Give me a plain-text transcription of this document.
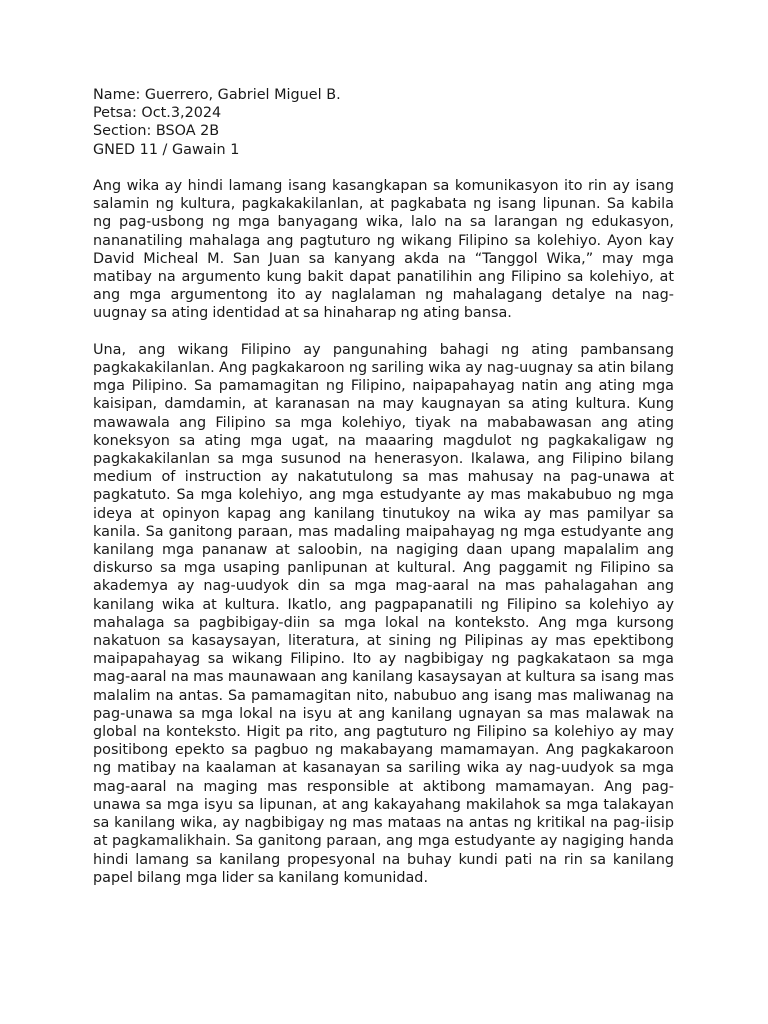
Name: Guerrero, Gabriel Miguel B.
Petsa: Oct.3,2024
Section: BSOA 2B
GNED 11 / Gawain 1

Ang wika ay hindi lamang isang kasangkapan sa komunikasyon ito rin ay isang salamin ng kultura, pagkakakilanlan, at pagkabata ng isang lipunan. Sa kabila ng pag-usbong ng mga banyagang wika, lalo na sa larangan ng edukasyon, nananatiling mahalaga ang pagtuturo ng wikang Filipino sa kolehiyo. Ayon kay David Micheal M. San Juan sa kanyang akda na “Tanggol Wika,” may mga matibay na argumento kung bakit dapat panatilihin ang Filipino sa kolehiyo, at ang mga argumentong ito ay naglalaman ng mahalagang detalye na nag-uugnay sa ating identidad at sa hinaharap ng ating bansa.

Una, ang wikang Filipino ay pangunahing bahagi ng ating pambansang pagkakakilanlan. Ang pagkakaroon ng sariling wika ay nag-uugnay sa atin bilang mga Pilipino. Sa pamamagitan ng Filipino, naipapahayag natin ang ating mga kaisipan, damdamin, at karanasan na may kaugnayan sa ating kultura. Kung mawawala ang Filipino sa mga kolehiyo, tiyak na mababawasan ang ating koneksyon sa ating mga ugat, na maaaring magdulot ng pagkakaligaw ng pagkakakilanlan sa mga susunod na henerasyon. Ikalawa, ang Filipino bilang medium of instruction ay nakatutulong sa mas mahusay na pag-unawa at pagkatuto. Sa mga kolehiyo, ang mga estudyante ay mas makabubuo ng mga ideya at opinyon kapag ang kanilang tinutukoy na wika ay mas pamilyar sa kanila. Sa ganitong paraan, mas madaling maipahayag ng mga estudyante ang kanilang mga pananaw at saloobin, na nagiging daan upang mapalalim ang diskurso sa mga usaping panlipunan at kultural. Ang paggamit ng Filipino sa akademya ay nag-uudyok din sa mga mag-aaral na mas pahalagahan ang kanilang wika at kultura. Ikatlo, ang pagpapanatili ng Filipino sa kolehiyo ay mahalaga sa pagbibigay-diin sa mga lokal na konteksto. Ang mga kursong nakatuon sa kasaysayan, literatura, at sining ng Pilipinas ay mas epektibong maipapahayag sa wikang Filipino. Ito ay nagbibigay ng pagkakataon sa mga mag-aaral na mas maunawaan ang kanilang kasaysayan at kultura sa isang mas malalim na antas. Sa pamamagitan nito, nabubuo ang isang mas maliwanag na pag-unawa sa mga lokal na isyu at ang kanilang ugnayan sa mas malawak na global na konteksto. Higit pa rito, ang pagtuturo ng Filipino sa kolehiyo ay may positibong epekto sa pagbuo ng makabayang mamamayan. Ang pagkakaroon ng matibay na kaalaman at kasanayan sa sariling wika ay nag-uudyok sa mga mag-aaral na maging mas responsible at aktibong mamamayan. Ang pag-unawa sa mga isyu sa lipunan, at ang kakayahang makilahok sa mga talakayan sa kanilang wika, ay nagbibigay ng mas mataas na antas ng kritikal na pag-iisip at pagkamalikhain. Sa ganitong paraan, ang mga estudyante ay nagiging handa hindi lamang sa kanilang propesyonal na buhay kundi pati na rin sa kanilang papel bilang mga lider sa kanilang komunidad.
